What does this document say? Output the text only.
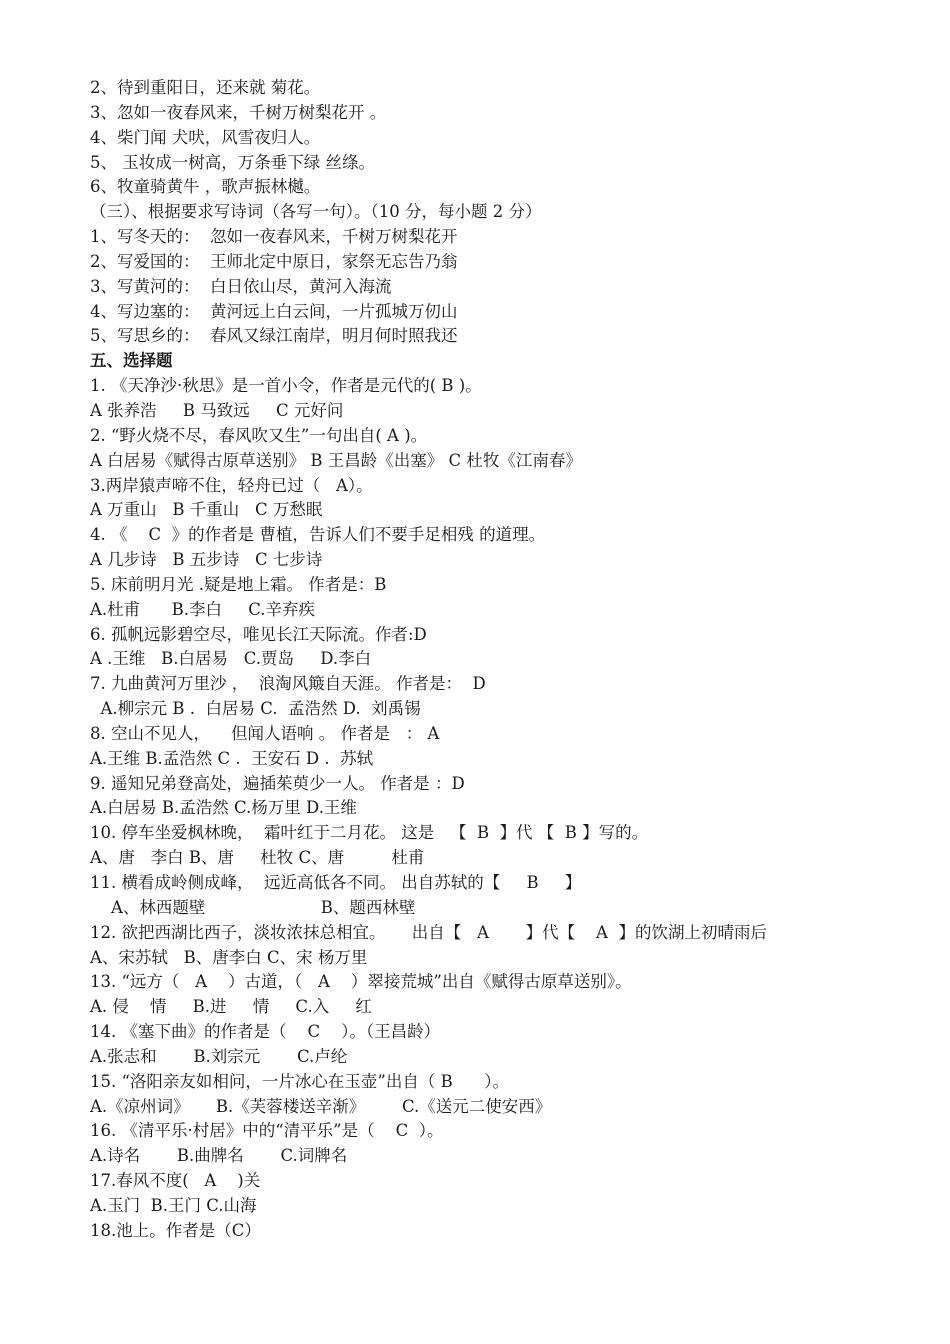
2、待到重阳日，还来就 菊花。
3、忽如一夜春风来，千树万树梨花开 。
4、柴门闻 犬吠，风雪夜归人。
5、 玉妆成一树高，万条垂下绿 丝绦。
6、牧童骑黄牛 ，歌声振林樾。
（三）、根据要求写诗词（各写一句）。（10 分，每小题 2 分）
1、写冬天的：  忽如一夜春风来，千树万树梨花开
2、写爱国的：  王师北定中原日，家祭无忘告乃翁
3、写黄河的：  白日依山尽，黄河入海流
4、写边塞的：  黄河远上白云间，一片孤城万仞山
5、写思乡的：  春风又绿江南岸，明月何时照我还
五、选择题
1. 《天净沙·秋思》是一首小令，作者是元代的( B )。
A 张养浩     B 马致远     C 元好问
2. “野火烧不尽，春风吹又生”一句出自( A )。
A 白居易《赋得古原草送别》 B 王昌龄《出塞》 C 杜牧《江南春》
3.两岸猿声啼不住，轻舟已过（   A）。
A 万重山   B 千重山   C 万愁眠
4. 《    C  》的作者是 曹植，告诉人们不要手足相残 的道理。
A 几步诗   B 五步诗   C 七步诗
5. 床前明月光 .疑是地上霜。 作者是：B
A.杜甫      B.李白     C.辛弃疾
6. 孤帆远影碧空尽，唯见长江天际流。作者:D
A .王维   B.白居易   C.贾岛     D.李白
7. 九曲黄河万里沙 ，  浪淘风簸自天涯。 作者是：  D
A.柳宗元 B .  白居易 C.  孟浩然 D.  刘禹锡
8. 空山不见人，    但闻人语响 。 作者是   ： A
A.王维 B.孟浩然 C .  王安石 D .  苏轼
9. 遥知兄弟登高处，遍插茱萸少一人。 作者是 ：D
A.白居易 B.孟浩然 C.杨万里 D.王维
10. 停车坐爱枫林晚，  霜叶红于二月花。 这是   【  B  】代 【  B 】写的。
A、唐   李白 B、唐     杜牧 C、唐         杜甫
11. 横看成岭侧成峰，  远近高低各不同。 出自苏轼的【     B     】
A、林西题壁                      B、题西林壁
12. 欲把西湖比西子，淡妆浓抹总相宜。     出自【   A       】代【    A  】的饮湖上初晴雨后
A、宋苏轼   B、唐李白 C、宋 杨万里
13. “远方（   A    ）古道，（   A    ）翠接荒城”出自《赋得古原草送别》。
A. 侵    情     B.进     情     C.入     红
14. 《塞下曲》的作者是（    C    ）。（王昌龄）
A.张志和       B.刘宗元       C.卢纶
15. “洛阳亲友如相问，一片冰心在玉壶”出自（ B      ）。
A.《凉州词》     B.《芙蓉楼送辛渐》       C.《送元二使安西》
16. 《清平乐·村居》中的“清平乐”是（    C  ）。
A.诗名       B.曲牌名       C.词牌名
17.春风不度(   A    )关
A.玉门  B.王门 C.山海
18.池上。作者是（C）
